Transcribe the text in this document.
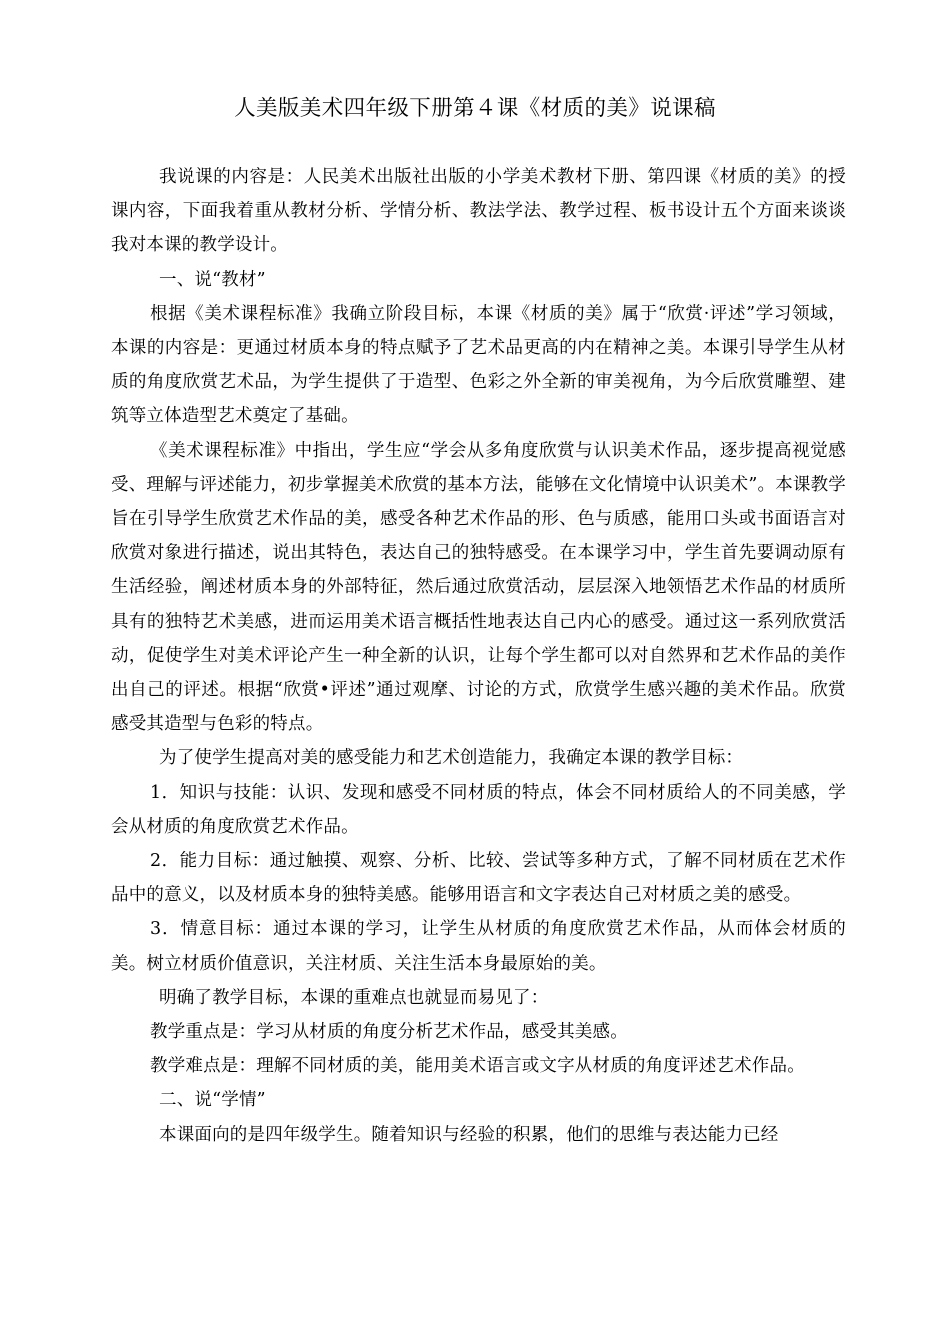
人美版美术四年级下册第４课《材质的美》说课稿

我说课的内容是：人民美术出版社出版的小学美术教材下册、第四课《材质的美》的授课内容，下面我着重从教材分析、学情分析、教法学法、教学过程、板书设计五个方面来谈谈我对本课的教学设计。

一、说“教材”

根据《美术课程标准》我确立阶段目标，本课《材质的美》属于“欣赏·评述”学习领域，本课的内容是：更通过材质本身的特点赋予了艺术品更高的内在精神之美。本课引导学生从材质的角度欣赏艺术品，为学生提供了于造型、色彩之外全新的审美视角，为今后欣赏雕塑、建筑等立体造型艺术奠定了基础。

《美术课程标准》中指出，学生应“学会从多角度欣赏与认识美术作品，逐步提高视觉感受、理解与评述能力，初步掌握美术欣赏的基本方法，能够在文化情境中认识美术”。本课教学旨在引导学生欣赏艺术作品的美，感受各种艺术作品的形、色与质感，能用口头或书面语言对欣赏对象进行描述，说出其特色，表达自己的独特感受。在本课学习中，学生首先要调动原有生活经验，阐述材质本身的外部特征，然后通过欣赏活动，层层深入地领悟艺术作品的材质所具有的独特艺术美感，进而运用美术语言概括性地表达自己内心的感受。通过这一系列欣赏活动，促使学生对美术评论产生一种全新的认识，让每个学生都可以对自然界和艺术作品的美作出自己的评述。根据“欣赏•评述”通过观摩、讨论的方式，欣赏学生感兴趣的美术作品。欣赏感受其造型与色彩的特点。

为了使学生提高对美的感受能力和艺术创造能力，我确定本课的教学目标：

1．知识与技能：认识、发现和感受不同材质的特点，体会不同材质给人的不同美感，学会从材质的角度欣赏艺术作品。

2．能力目标：通过触摸、观察、分析、比较、尝试等多种方式，了解不同材质在艺术作品中的意义，以及材质本身的独特美感。能够用语言和文字表达自己对材质之美的感受。

3．情意目标：通过本课的学习，让学生从材质的角度欣赏艺术作品，从而体会材质的美。树立材质价值意识，关注材质、关注生活本身最原始的美。

明确了教学目标，本课的重难点也就显而易见了：

教学重点是：学习从材质的角度分析艺术作品，感受其美感。

教学难点是：理解不同材质的美，能用美术语言或文字从材质的角度评述艺术作品。

二、说“学情”

本课面向的是四年级学生。随着知识与经验的积累，他们的思维与表达能力已经
